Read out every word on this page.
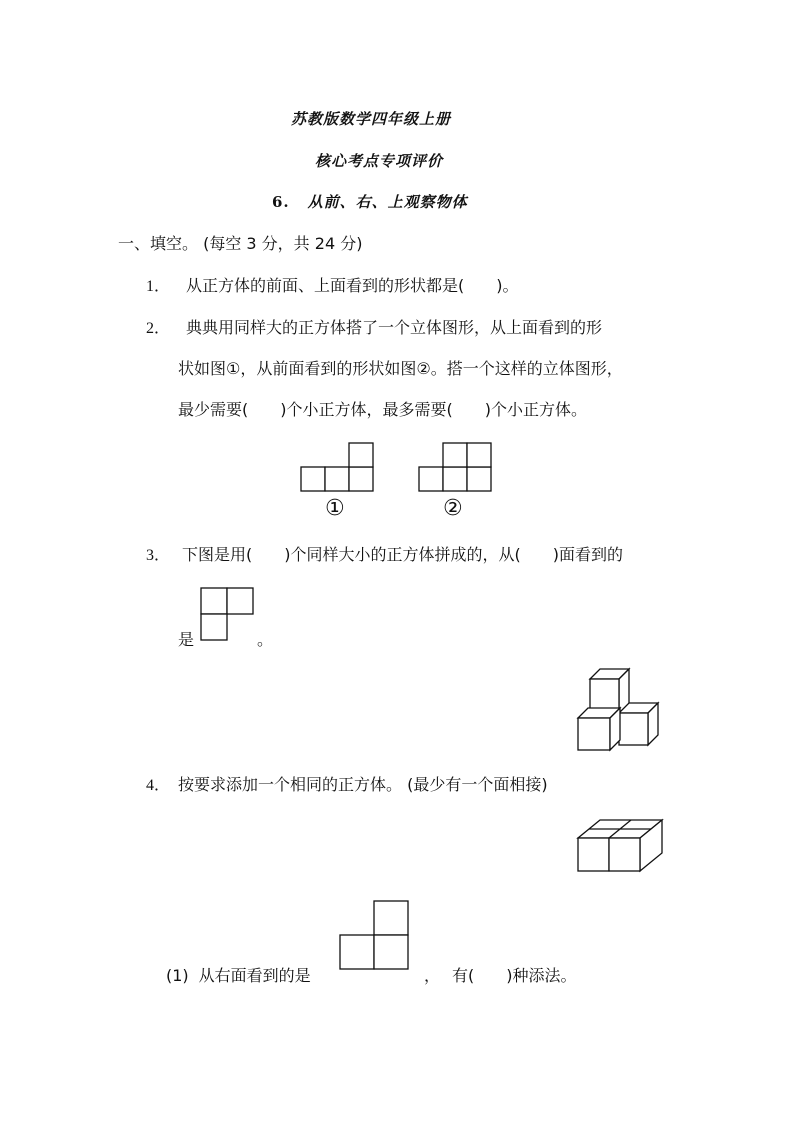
苏教版数学四年级上册
核心考点专项评价
6. 从前、右、上观察物体
一、填空。 (每空 3 分，共 24 分)
1． 从正方体的前面、上面看到的形状都是(　　)。
2． 典典用同样大的正方体搭了一个立体图形，从上面看到的形
状如图①，从前面看到的形状如图②。搭一个这样的立体图形，
最少需要(　　)个小正方体，最多需要(　　)个小正方体。
①	②
3． 下图是用(　　)个同样大小的正方体拼成的，从(　　)面看到的
是	。
4． 按要求添加一个相同的正方体。 (最少有一个面相接)
(1) 从右面看到的是	， 有(　　)种添法。
